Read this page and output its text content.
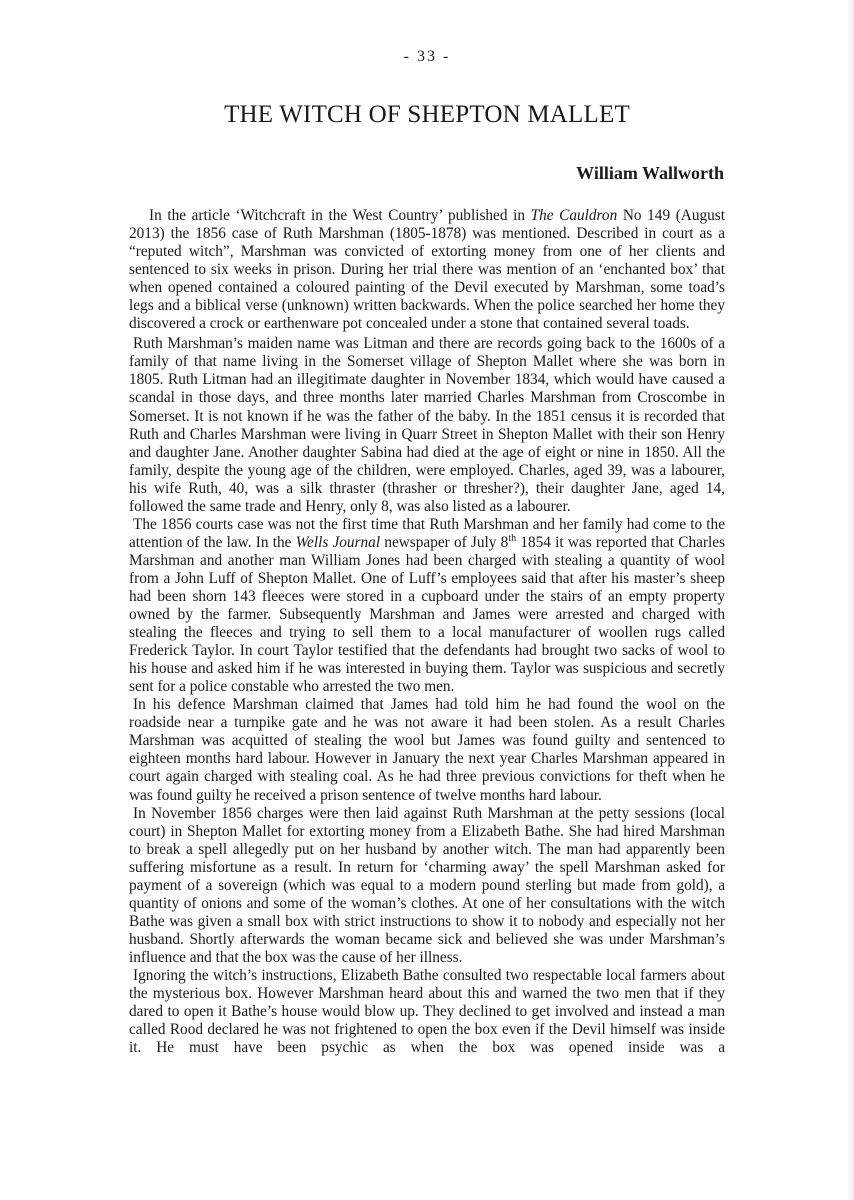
- 33 -
THE WITCH OF SHEPTON MALLET
William Wallworth

In the article ‘Witchcraft in the West Country’ published in The Cauldron No 149 (August 2013) the 1856 case of Ruth Marshman (1805-1878) was mentioned. Described in court as a “reputed witch”, Marshman was convicted of extorting money from one of her clients and sentenced to six weeks in prison. During her trial there was mention of an ‘enchanted box’ that when opened contained a coloured painting of the Devil executed by Marshman, some toad’s legs and a biblical verse (unknown) written backwards. When the police searched her home they discovered a crock or earthenware pot concealed under a stone that contained several toads.

Ruth Marshman’s maiden name was Litman and there are records going back to the 1600s of a family of that name living in the Somerset village of Shepton Mallet where she was born in 1805. Ruth Litman had an illegitimate daughter in November 1834, which would have caused a scandal in those days, and three months later married Charles Marshman from Croscombe in Somerset. It is not known if he was the father of the baby. In the 1851 census it is recorded that Ruth and Charles Marshman were living in Quarr Street in Shepton Mallet with their son Henry and daughter Jane. Another daughter Sabina had died at the age of eight or nine in 1850. All the family, despite the young age of the children, were employed. Charles, aged 39, was a labourer, his wife Ruth, 40, was a silk thraster (thrasher or thresher?), their daughter Jane, aged 14, followed the same trade and Henry, only 8, was also listed as a labourer.

The 1856 courts case was not the first time that Ruth Marshman and her family had come to the attention of the law. In the Wells Journal newspaper of July 8th 1854 it was reported that Charles Marshman and another man William Jones had been charged with stealing a quantity of wool from a John Luff of Shepton Mallet. One of Luff’s employees said that after his master’s sheep had been shorn 143 fleeces were stored in a cupboard under the stairs of an empty property owned by the farmer. Subsequently Marshman and James were arrested and charged with stealing the fleeces and trying to sell them to a local manufacturer of woollen rugs called Frederick Taylor. In court Taylor testified that the defendants had brought two sacks of wool to his house and asked him if he was interested in buying them. Taylor was suspicious and secretly sent for a police constable who arrested the two men.

In his defence Marshman claimed that James had told him he had found the wool on the roadside near a turnpike gate and he was not aware it had been stolen. As a result Charles Marshman was acquitted of stealing the wool but James was found guilty and sentenced to eighteen months hard labour. However in January the next year Charles Marshman appeared in court again charged with stealing coal. As he had three previous convictions for theft when he was found guilty he received a prison sentence of twelve months hard labour.

In November 1856 charges were then laid against Ruth Marshman at the petty sessions (local court) in Shepton Mallet for extorting money from a Elizabeth Bathe. She had hired Marshman to break a spell allegedly put on her husband by another witch. The man had apparently been suffering misfortune as a result. In return for ‘charming away’ the spell Marshman asked for payment of a sovereign (which was equal to a modern pound sterling but made from gold), a quantity of onions and some of the woman’s clothes. At one of her consultations with the witch Bathe was given a small box with strict instructions to show it to nobody and especially not her husband. Shortly afterwards the woman became sick and believed she was under Marshman’s influence and that the box was the cause of her illness.

Ignoring the witch’s instructions, Elizabeth Bathe consulted two respectable local farmers about the mysterious box. However Marshman heard about this and warned the two men that if they dared to open it Bathe’s house would blow up. They declined to get involved and instead a man called Rood declared he was not frightened to open the box even if the Devil himself was inside it. He must have been psychic as when the box was opened inside was a
